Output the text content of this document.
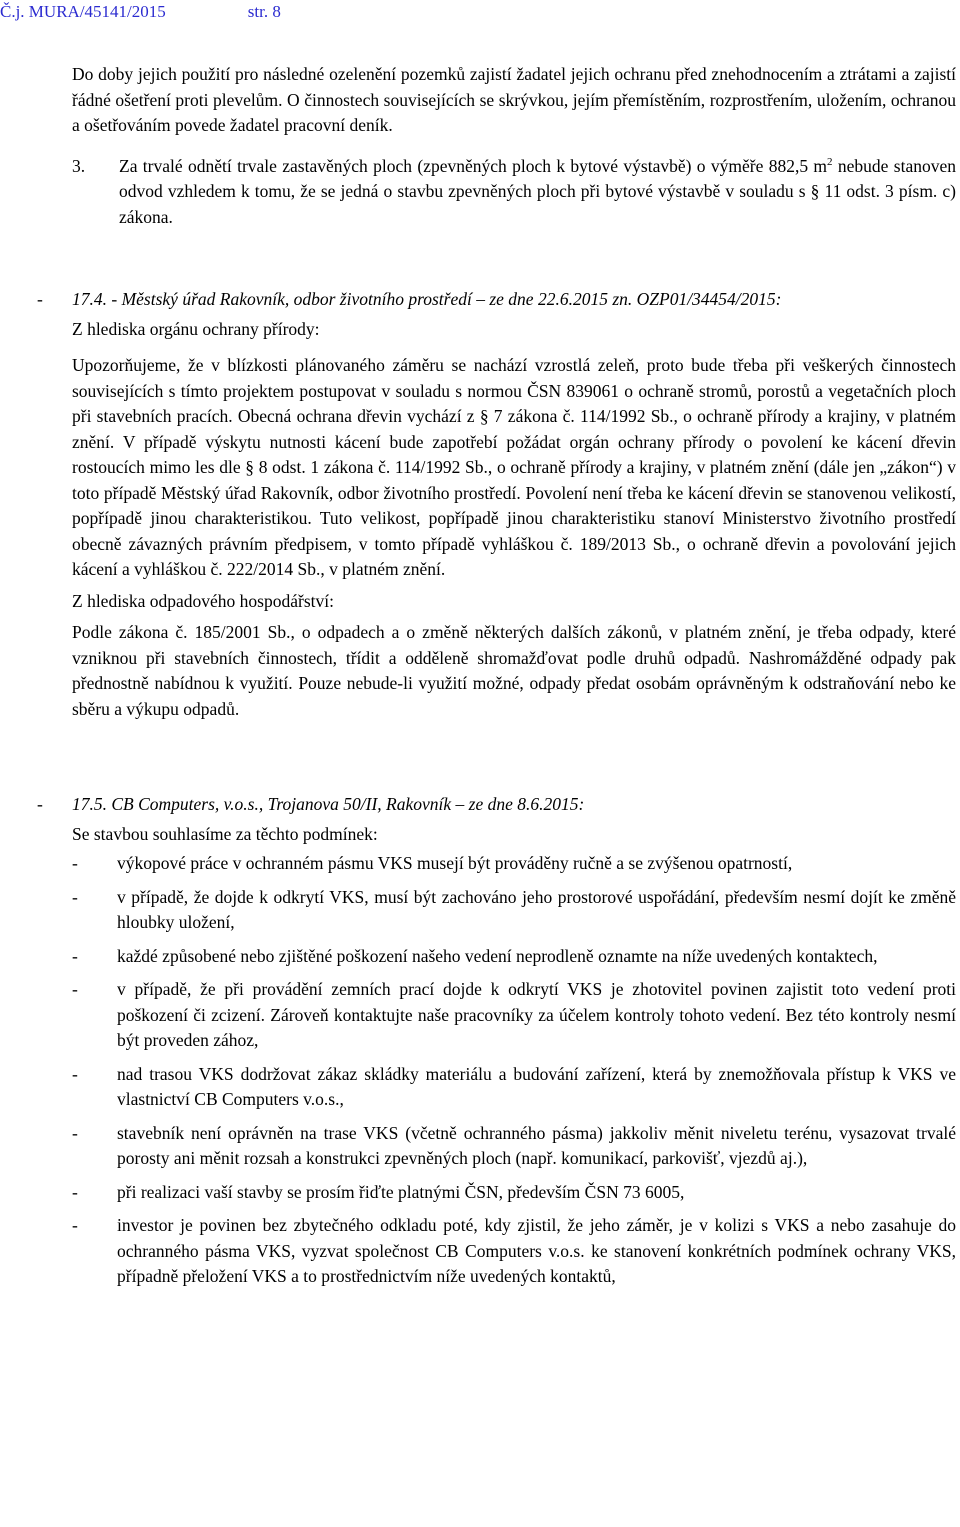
Č.j. MURA/45141/2015	str. 8

Do doby jejich použití pro následné ozelenění pozemků zajistí žadatel jejich ochranu před znehodnocením a ztrátami a zajistí řádné ošetření proti plevelům. O činnostech souvisejících se skrývkou, jejím přemístěním, rozprostřením, uložením, ochranou a ošetřováním povede žadatel pracovní deník.

3. Za trvalé odnětí trvale zastavěných ploch (zpevněných ploch k bytové výstavbě) o výměře 882,5 $m^2$ nebude stanoven odvod vzhledem k tomu, že se jedná o stavbu zpevněných ploch při bytové výstavbě v souladu s § 11 odst. 3 písm. c) zákona.

- 17.4. - Městský úřad Rakovník, odbor životního prostředí – ze dne 22.6.2015 zn. OZP01/34454/2015:

Z hlediska orgánu ochrany přírody:

Upozorňujeme, že v blízkosti plánovaného záměru se nachází vzrostlá zeleň, proto bude třeba při veškerých činnostech souvisejících s tímto projektem postupovat v souladu s normou ČSN 839061 o ochraně stromů, porostů a vegetačních ploch při stavebních pracích. Obecná ochrana dřevin vychází z § 7 zákona č. 114/1992 Sb., o ochraně přírody a krajiny, v platném znění. V případě výskytu nutnosti kácení bude zapotřebí požádat orgán ochrany přírody o povolení ke kácení dřevin rostoucích mimo les dle § 8 odst. 1 zákona č. 114/1992 Sb., o ochraně přírody a krajiny, v platném znění (dále jen „zákon“) v toto případě Městský úřad Rakovník, odbor životního prostředí. Povolení není třeba ke kácení dřevin se stanovenou velikostí, popřípadě jinou charakteristikou. Tuto velikost, popřípadě jinou charakteristiku stanoví Ministerstvo životního prostředí obecně závazných právním předpisem, v tomto případě vyhláškou č. 189/2013 Sb., o ochraně dřevin a povolování jejich kácení a vyhláškou č. 222/2014 Sb., v platném znění.

Z hlediska odpadového hospodářství:

Podle zákona č. 185/2001 Sb., o odpadech a o změně některých dalších zákonů, v platném znění, je třeba odpady, které vzniknou při stavebních činnostech, třídit a odděleně shromažďovat podle druhů odpadů. Nashromážděné odpady pak přednostně nabídnou k využití. Pouze nebude-li využití možné, odpady předat osobám oprávněným k odstraňování nebo ke sběru a výkupu odpadů.

- 17.5. CB Computers, v.o.s., Trojanova 50/II, Rakovník – ze dne 8.6.2015:

Se stavbou souhlasíme za těchto podmínek:

- výkopové práce v ochranném pásmu VKS musejí být prováděny ručně a se zvýšenou opatrností,
- v případě, že dojde k odkrytí VKS, musí být zachováno jeho prostorové uspořádání, především nesmí dojít ke změně hloubky uložení,
- každé způsobené nebo zjištěné poškození našeho vedení neprodleně oznamte na níže uvedených kontaktech,
- v případě, že při provádění zemních prací dojde k odkrytí VKS je zhotovitel povinen zajistit toto vedení proti poškození či zcizení. Zároveň kontaktujte naše pracovníky za účelem kontroly tohoto vedení. Bez této kontroly nesmí být proveden zához,
- nad trasou VKS dodržovat zákaz skládky materiálu a budování zařízení, která by znemožňovala přístup k VKS ve vlastnictví CB Computers v.o.s.,
- stavebník není oprávněn na trase VKS (včetně ochranného pásma) jakkoliv měnit niveletu terénu, vysazovat trvalé porosty ani měnit rozsah a konstrukci zpevněných ploch (např. komunikací, parkovišť, vjezdů aj.),
- při realizaci vaší stavby se prosím řiďte platnými ČSN, především ČSN 73 6005,
- investor je povinen bez zbytečného odkladu poté, kdy zjistil, že jeho záměr, je v kolizi s VKS a nebo zasahuje do ochranného pásma VKS, vyzvat společnost CB Computers v.o.s. ke stanovení konkrétních podmínek ochrany VKS, případně přeložení VKS a to prostřednictvím níže uvedených kontaktů,
